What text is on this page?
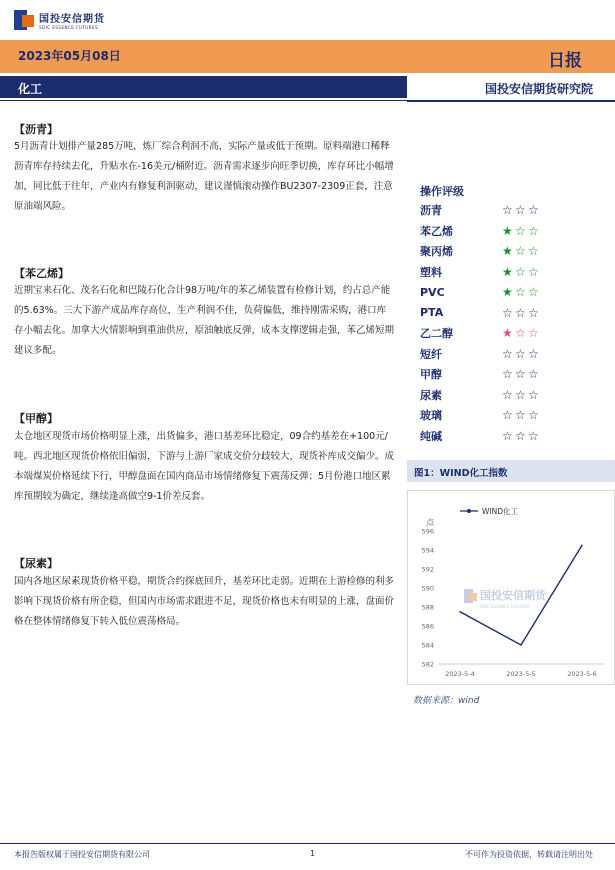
国投安信期货
SDIC ESSENCE FUTURES
2023年05月08日	日报
化工	国投安信期货研究院
【沥青】
5月沥青计划排产量285万吨，炼厂综合利润不高，实际产量或低于预期。原料端港口稀释沥青库存持续去化，升贴水在-16美元/桶附近。沥青需求逐步向旺季切换，库存环比小幅增加，同比低于往年，产业内有修复利润驱动，建议谨慎滚动操作BU2307-2309正套，注意原油端风险。
【苯乙烯】
近期宝来石化、茂名石化和巴陵石化合计98万吨/年的苯乙烯装置有检修计划，约占总产能的5.63%。三大下游产成品库存高位，生产利润不佳，负荷偏低，维持刚需采购，港口库存小幅去化。加拿大火情影响到重油供应，原油触底反弹，成本支撑逻辑走强，苯乙烯短期建议多配。
【甲醇】
太仓地区现货市场价格明显上涨，出货偏多，港口基差环比稳定，09合约基差在+100元/吨。西北地区现货价格依旧偏弱，下游与上游厂家成交价分歧较大，现货补库成交偏少。成本端煤炭价格延续下行，甲醇盘面在国内商品市场情绪修复下震荡反弹；5月份港口地区累库预期较为确定，继续逢高做空9-1价差反套。
【尿素】
国内各地区尿素现货价格平稳，期货合约探底回升，基差环比走弱。近期在上游检修的利多影响下现货价格有所企稳，但国内市场需求跟进不足，现货价格也未有明显的上涨，盘面价格在整体情绪修复下转入低位震荡格局。
操作评级
沥青	☆ ☆ ☆
苯乙烯	★ ☆ ☆
聚丙烯	★ ☆ ☆
塑料	★ ☆ ☆
PVC	★ ☆ ☆
PTA	☆ ☆ ☆
乙二醇	★ ☆ ☆
短纤	☆ ☆ ☆
甲醇	☆ ☆ ☆
尿素	☆ ☆ ☆
玻璃	☆ ☆ ☆
纯碱	☆ ☆ ☆
图1：WIND化工指数
国投安信期货
SDIC ESSENCE FUTURES
点
WIND化工
582
584
586
588
590
592
594
596
2023-5-4	2023-5-5	2023-5-6
数据来源：wind
本报告版权属于国投安信期货有限公司	1	不可作为投资依据，转载请注明出处
